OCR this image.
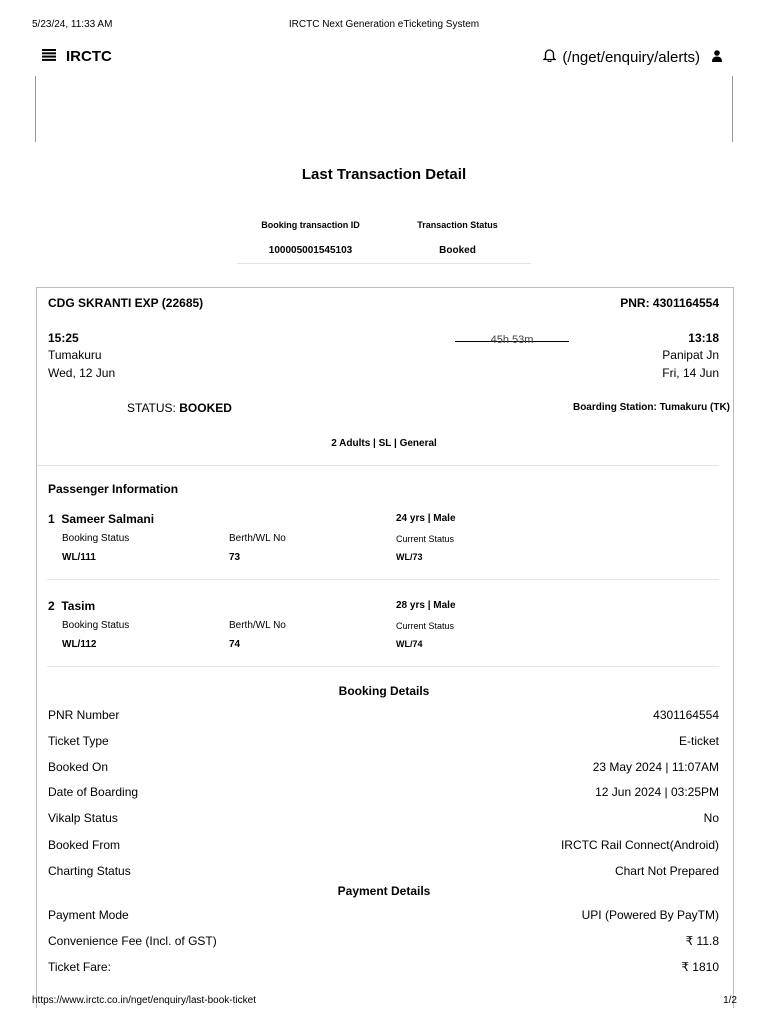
5/23/24, 11:33 AM	IRCTC Next Generation eTicketing System
IRCTC	(/nget/enquiry/alerts)
Last Transaction Detail
Booking transaction ID	Transaction Status
100005001545103	Booked
CDG SKRANTI EXP (22685)	PNR: 4301164554
15:25
Tumakuru
Wed, 12 Jun
45h 53m	13:18
Panipat Jn
Fri, 14 Jun
STATUS: BOOKED	Boarding Station: Tumakuru (TK)
2 Adults | SL | General
Passenger Information
1 Sameer Salmani	24 yrs | Male
Booking Status	Berth/WL No	Current Status
WL/111	73	WL/73
2 Tasim	28 yrs | Male
Booking Status	Berth/WL No	Current Status
WL/112	74	WL/74
Booking Details
PNR Number	4301164554
Ticket Type	E-ticket
Booked On	23 May 2024 | 11:07AM
Date of Boarding	12 Jun 2024 | 03:25PM
Vikalp Status	No
Booked From	IRCTC Rail Connect(Android)
Charting Status	Chart Not Prepared
Payment Details
Payment Mode	UPI (Powered By PayTM)
Convenience Fee (Incl. of GST)	₹ 11.8
Ticket Fare:	₹ 1810
https://www.irctc.co.in/nget/enquiry/last-book-ticket	1/2
